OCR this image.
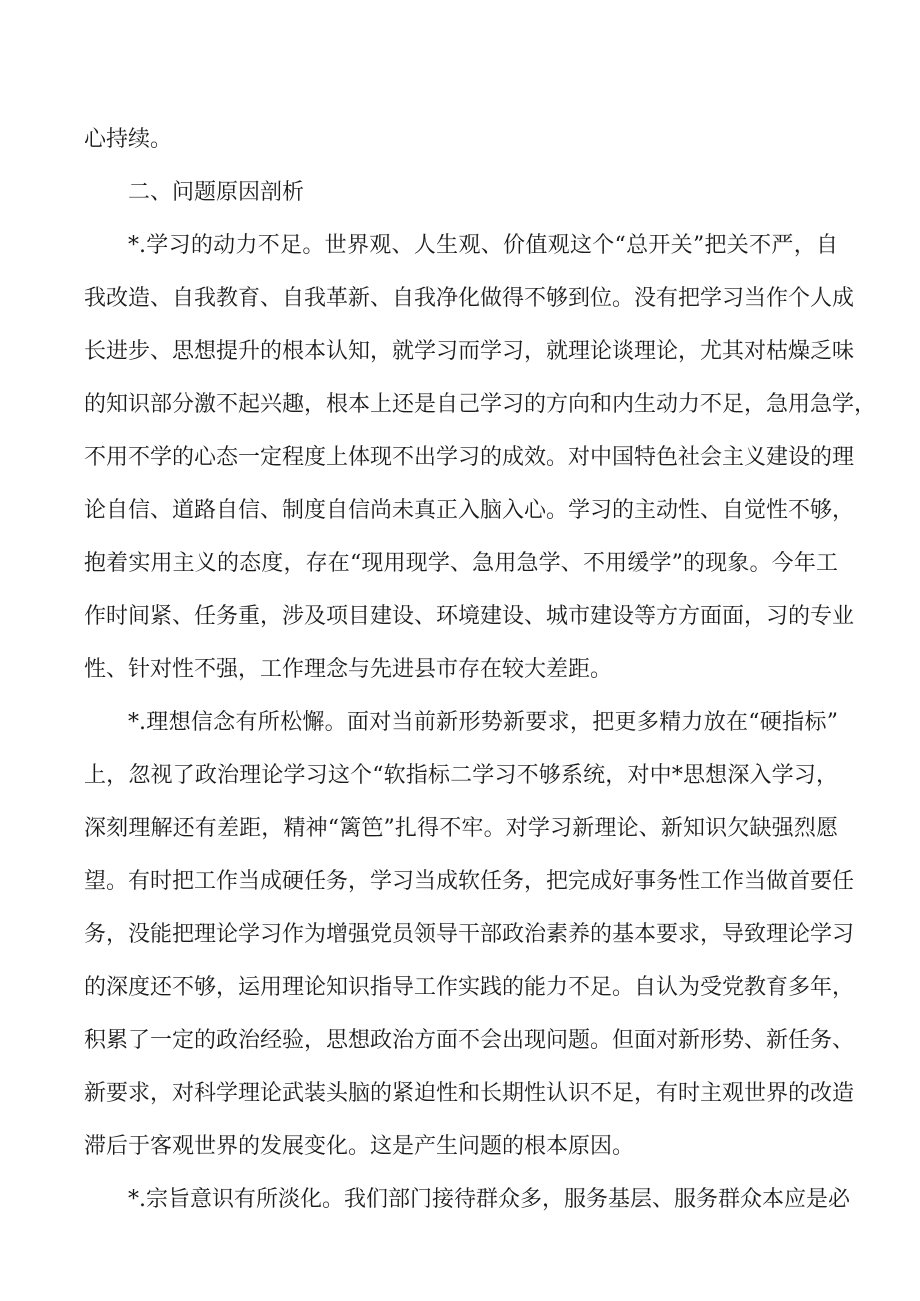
心持续。
二、问题原因剖析
*.学习的动力不足。世界观、人生观、价值观这个“总开关”把关不严，自
我改造、自我教育、自我革新、自我净化做得不够到位。没有把学习当作个人成
长进步、思想提升的根本认知，就学习而学习，就理论谈理论，尤其对枯燥乏味
的知识部分激不起兴趣，根本上还是自己学习的方向和内生动力不足，急用急学，
不用不学的心态一定程度上体现不出学习的成效。对中国特色社会主义建设的理
论自信、道路自信、制度自信尚未真正入脑入心。学习的主动性、自觉性不够，
抱着实用主义的态度，存在“现用现学、急用急学、不用缓学”的现象。今年工
作时间紧、任务重，涉及项目建设、环境建设、城市建设等方方面面，习的专业
性、针对性不强，工作理念与先进县市存在较大差距。
*.理想信念有所松懈。面对当前新形势新要求，把更多精力放在“硬指标”
上，忽视了政治理论学习这个“软指标二学习不够系统，对中*思想深入学习，
深刻理解还有差距，精神“篱笆”扎得不牢。对学习新理论、新知识欠缺强烈愿
望。有时把工作当成硬任务，学习当成软任务，把完成好事务性工作当做首要任
务，没能把理论学习作为增强党员领导干部政治素养的基本要求，导致理论学习
的深度还不够，运用理论知识指导工作实践的能力不足。自认为受党教育多年，
积累了一定的政治经验，思想政治方面不会出现问题。但面对新形势、新任务、
新要求，对科学理论武装头脑的紧迫性和长期性认识不足，有时主观世界的改造
滞后于客观世界的发展变化。这是产生问题的根本原因。
*.宗旨意识有所淡化。我们部门接待群众多，服务基层、服务群众本应是必
